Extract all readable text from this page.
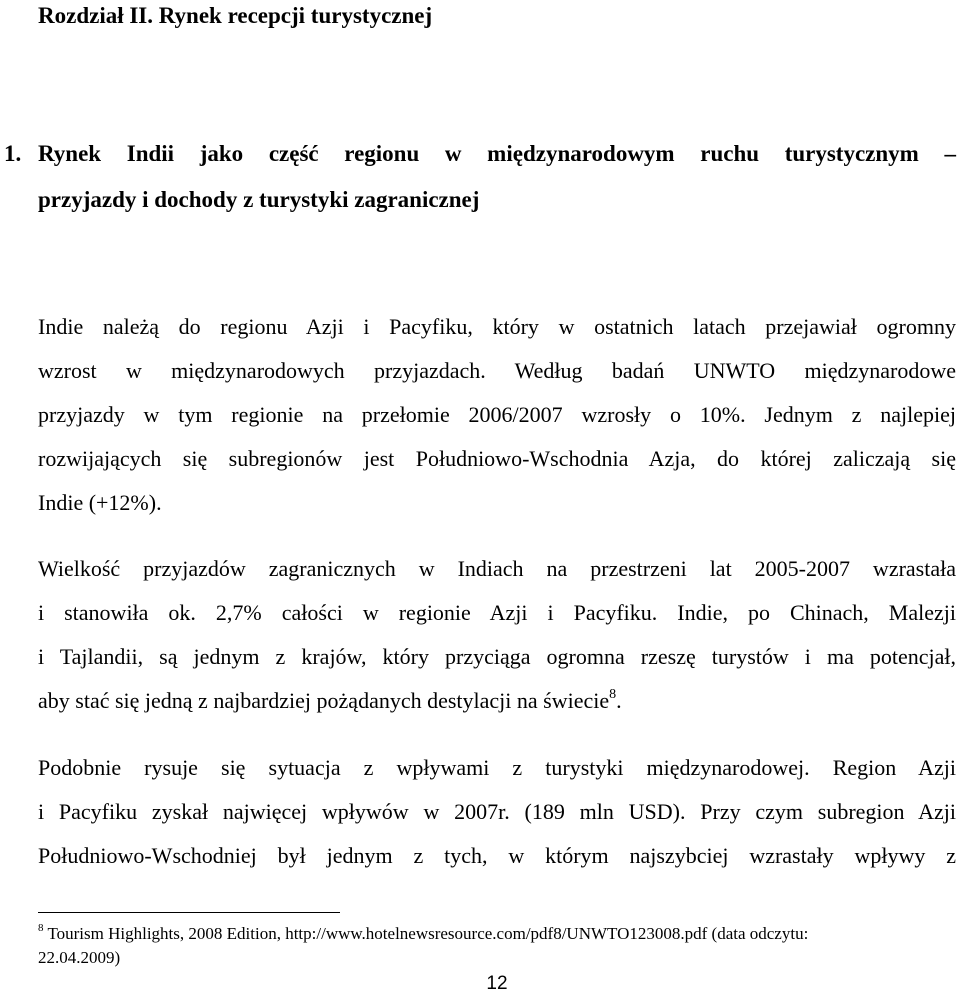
Rozdział II. Rynek recepcji turystycznej
1. Rynek Indii jako część regionu w międzynarodowym ruchu turystycznym –
przyjazdy i dochody z turystyki zagranicznej
Indie należą do regionu Azji i Pacyfiku, który w ostatnich latach przejawiał ogromny
wzrost w międzynarodowych przyjazdach. Według badań UNWTO międzynarodowe
przyjazdy w tym regionie na przełomie 2006/2007 wzrosły o 10%. Jednym z najlepiej
rozwijających się subregionów jest Południowo-Wschodnia Azja, do której zaliczają się
Indie (+12%).
Wielkość przyjazdów zagranicznych w Indiach na przestrzeni lat 2005-2007 wzrastała
i stanowiła ok. 2,7% całości w regionie Azji i Pacyfiku. Indie, po Chinach, Malezji
i Tajlandii, są jednym z krajów, który przyciąga ogromna rzeszę turystów i ma potencjał,
aby stać się jedną z najbardziej pożądanych destylacji na świecie$^8$.
Podobnie rysuje się sytuacja z wpływami z turystyki międzynarodowej. Region Azji
i Pacyfiku zyskał najwięcej wpływów w 2007r. (189 mln USD). Przy czym subregion Azji
Południowo-Wschodniej był jednym z tych, w którym najszybciej wzrastały wpływy z
$^8$ Tourism Highlights, 2008 Edition, http://www.hotelnewsresource.com/pdf8/UNWTO123008.pdf (data odczytu:
22.04.2009)
12
